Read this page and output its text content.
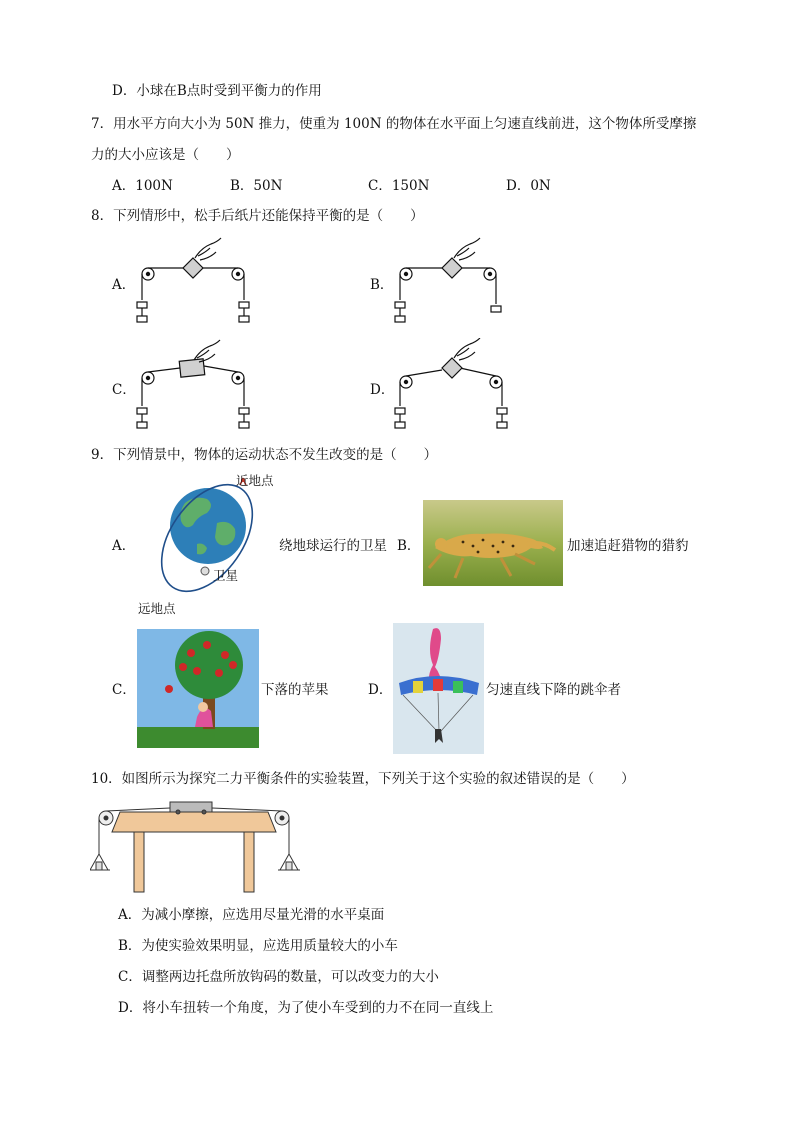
D．小球在B点时受到平衡力的作用
7．用水平方向大小为 50N 推力，使重为 100N 的物体在水平面上匀速直线前进，这个物体所受摩擦
力的大小应该是（　　）
A．100N	B．50N	C．150N	D．0N
8．下列情形中，松手后纸片还能保持平衡的是（　　）
A．	B．
C．	D．
9．下列情景中，物体的运动状态不发生改变的是（　　）
A．
近地点
卫星
远地点
绕地球运行的卫星 B．	加速追赶猎物的猎豹
C．	下落的苹果	D．	匀速直线下降的跳伞者
10．如图所示为探究二力平衡条件的实验装置，下列关于这个实验的叙述错误的是（　　）
A．为减小摩擦，应选用尽量光滑的水平桌面
B．为使实验效果明显，应选用质量较大的小车
C．调整两边托盘所放钩码的数量，可以改变力的大小
D．将小车扭转一个角度，为了使小车受到的力不在同一直线上
